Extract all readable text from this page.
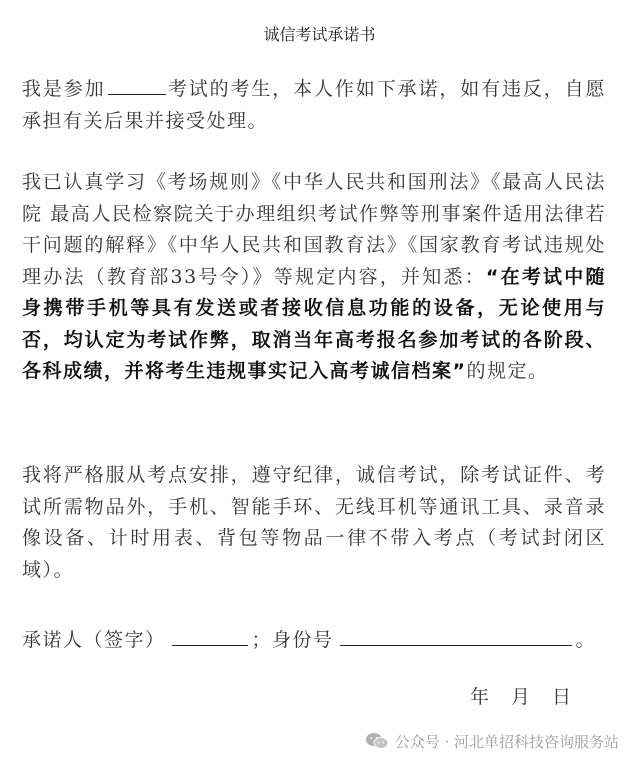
诚信考试承诺书
我是参加	考试的考生，本人作如下承诺，如有违反，自愿承担有关后果并接受处理。
我已认真学习《考场规则》《中华人民共和国刑法》《最高人民法院 最高人民检察院关于办理组织考试作弊等刑事案件适用法律若干问题的解释》《中华人民共和国教育法》《国家教育考试违规处理办法（教育部33号令）》等规定内容，并知悉：“在考试中随身携带手机等具有发送或者接收信息功能的设备，无论使用与否，均认定为考试作弊，取消当年高考报名参加考试的各阶段、各科成绩，并将考生违规事实记入高考诚信档案”的规定。
我将严格服从考点安排，遵守纪律，诚信考试，除考试证件、考试所需物品外，手机、智能手环、无线耳机等通讯工具、录音录像设备、计时用表、背包等物品一律不带入考点（考试封闭区域）。
承诺人（签字）	；身份号	。
年 月 日
公众号 · 河北单招科技咨询服务站
